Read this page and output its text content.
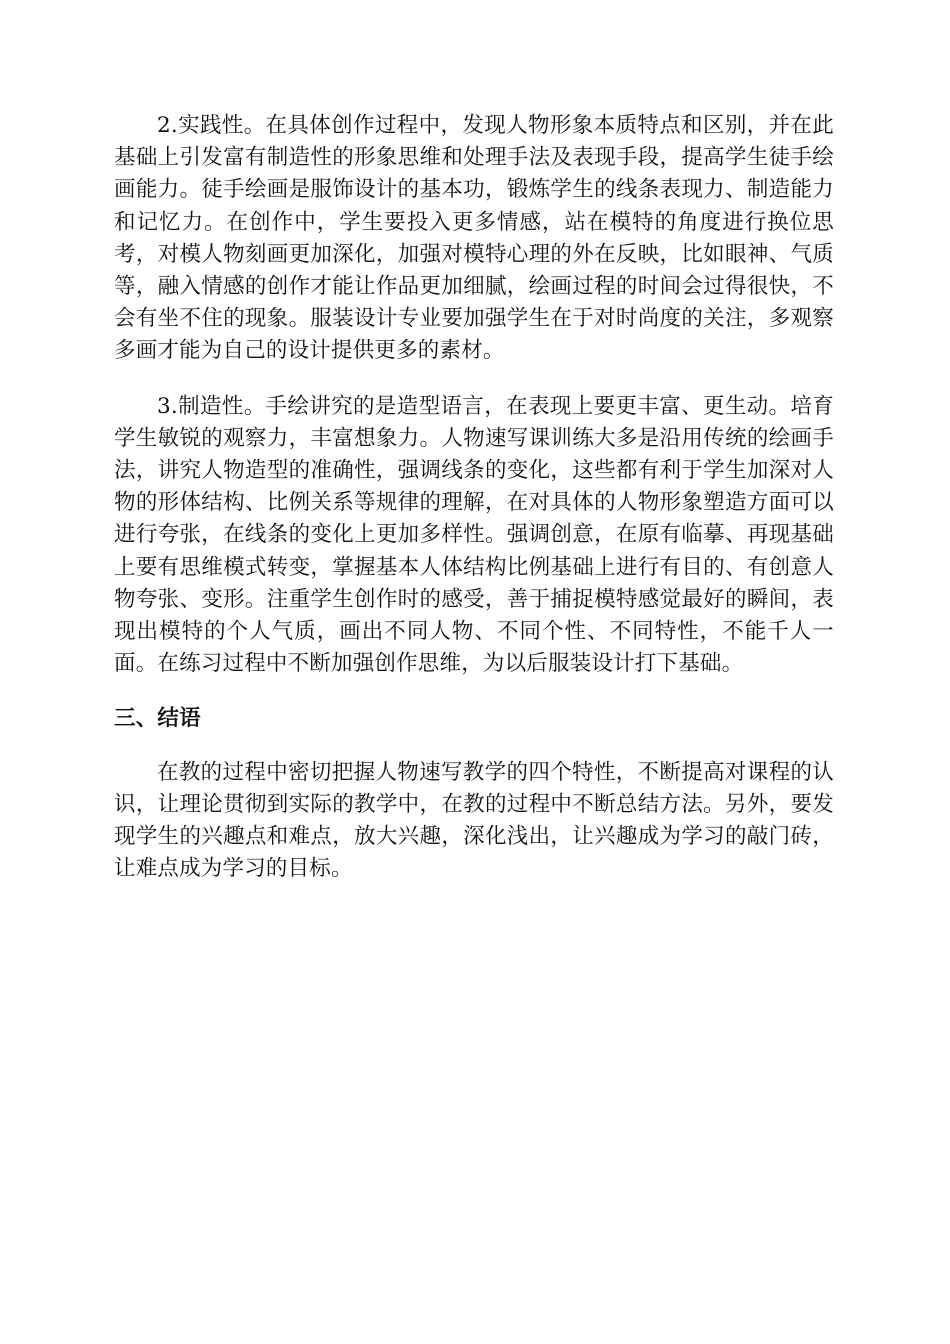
2.实践性。在具体创作过程中，发现人物形象本质特点和区别，并在此基础上引发富有制造性的形象思维和处理手法及表现手段，提高学生徒手绘画能力。徒手绘画是服饰设计的基本功，锻炼学生的线条表现力、制造能力和记忆力。在创作中，学生要投入更多情感，站在模特的角度进行换位思考，对模人物刻画更加深化，加强对模特心理的外在反映，比如眼神、气质等，融入情感的创作才能让作品更加细腻，绘画过程的时间会过得很快，不会有坐不住的现象。服装设计专业要加强学生在于对时尚度的关注，多观察多画才能为自己的设计提供更多的素材。

3.制造性。手绘讲究的是造型语言，在表现上要更丰富、更生动。培育学生敏锐的观察力，丰富想象力。人物速写课训练大多是沿用传统的绘画手法，讲究人物造型的准确性，强调线条的变化，这些都有利于学生加深对人物的形体结构、比例关系等规律的理解，在对具体的人物形象塑造方面可以进行夸张，在线条的变化上更加多样性。强调创意，在原有临摹、再现基础上要有思维模式转变，掌握基本人体结构比例基础上进行有目的、有创意人物夸张、变形。注重学生创作时的感受，善于捕捉模特感觉最好的瞬间，表现出模特的个人气质，画出不同人物、不同个性、不同特性，不能千人一面。在练习过程中不断加强创作思维，为以后服装设计打下基础。

三、结语

在教的过程中密切把握人物速写教学的四个特性，不断提高对课程的认识，让理论贯彻到实际的教学中，在教的过程中不断总结方法。另外，要发现学生的兴趣点和难点，放大兴趣，深化浅出，让兴趣成为学习的敲门砖，让难点成为学习的目标。
